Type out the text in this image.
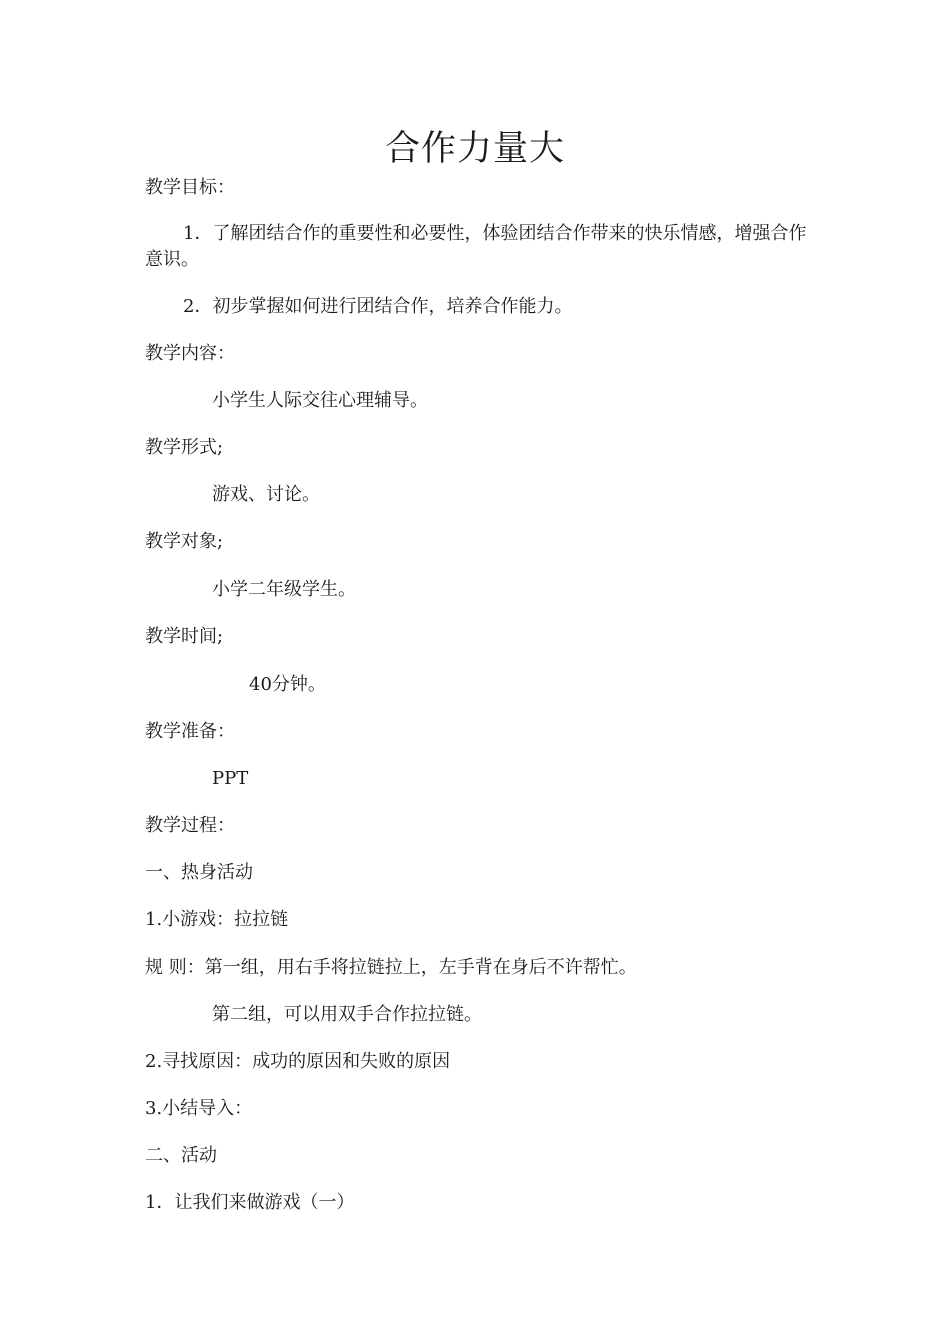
合作力量大
教学目标：
1．了解团结合作的重要性和必要性，体验团结合作带来的快乐情感，增强合作意识。
2．初步掌握如何进行团结合作，培养合作能力。
教学内容：
小学生人际交往心理辅导。
教学形式;
游戏、讨论。
教学对象;
小学二年级学生。
教学时间;
40分钟。
教学准备：
PPT
教学过程：
一、热身活动
1.小游戏：拉拉链
规 则：第一组，用右手将拉链拉上，左手背在身后不许帮忙。
第二组，可以用双手合作拉拉链。
2.寻找原因：成功的原因和失败的原因
3.小结导入：
二、活动
1．让我们来做游戏（一）
